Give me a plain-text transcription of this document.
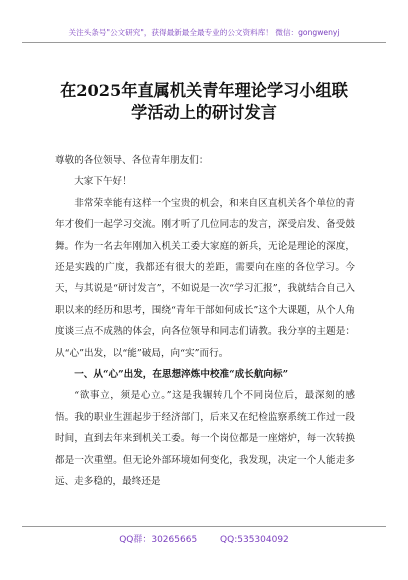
关注头条号"公文研究"，获得最新最全最专业的公文资料库！ 微信：gongwenyj
在2025年直属机关青年理论学习小组联
学活动上的研讨发言

尊敬的各位领导、各位青年朋友们：

大家下午好！

非常荣幸能有这样一个宝贵的机会，和来自区直机关各个单位的青年才俊们一起学习交流。刚才听了几位同志的发言，深受启发、备受鼓舞。作为一名去年刚加入机关工委大家庭的新兵，无论是理论的深度，还是实践的广度，我都还有很大的差距，需要向在座的各位学习。今天，与其说是“研讨发言”，不如说是一次“学习汇报”，我就结合自己入职以来的经历和思考，围绕“青年干部如何成长”这个大课题，从个人角度谈三点不成熟的体会，向各位领导和同志们请教。我分享的主题是：从“心”出发，以“能”破局，向“实”而行。

一、从“心”出发，在思想淬炼中校准“成长航向标”

“欲事立，须是心立。”这是我辗转几个不同岗位后，最深刻的感悟。我的职业生涯起步于经济部门，后来又在纪检监察系统工作过一段时间，直到去年来到机关工委。每一个岗位都是一座熔炉，每一次转换都是一次重塑。但无论外部环境如何变化，我发现，决定一个人能走多远、走多稳的，最终还是

QQ群：30265665	QQ:535304092
